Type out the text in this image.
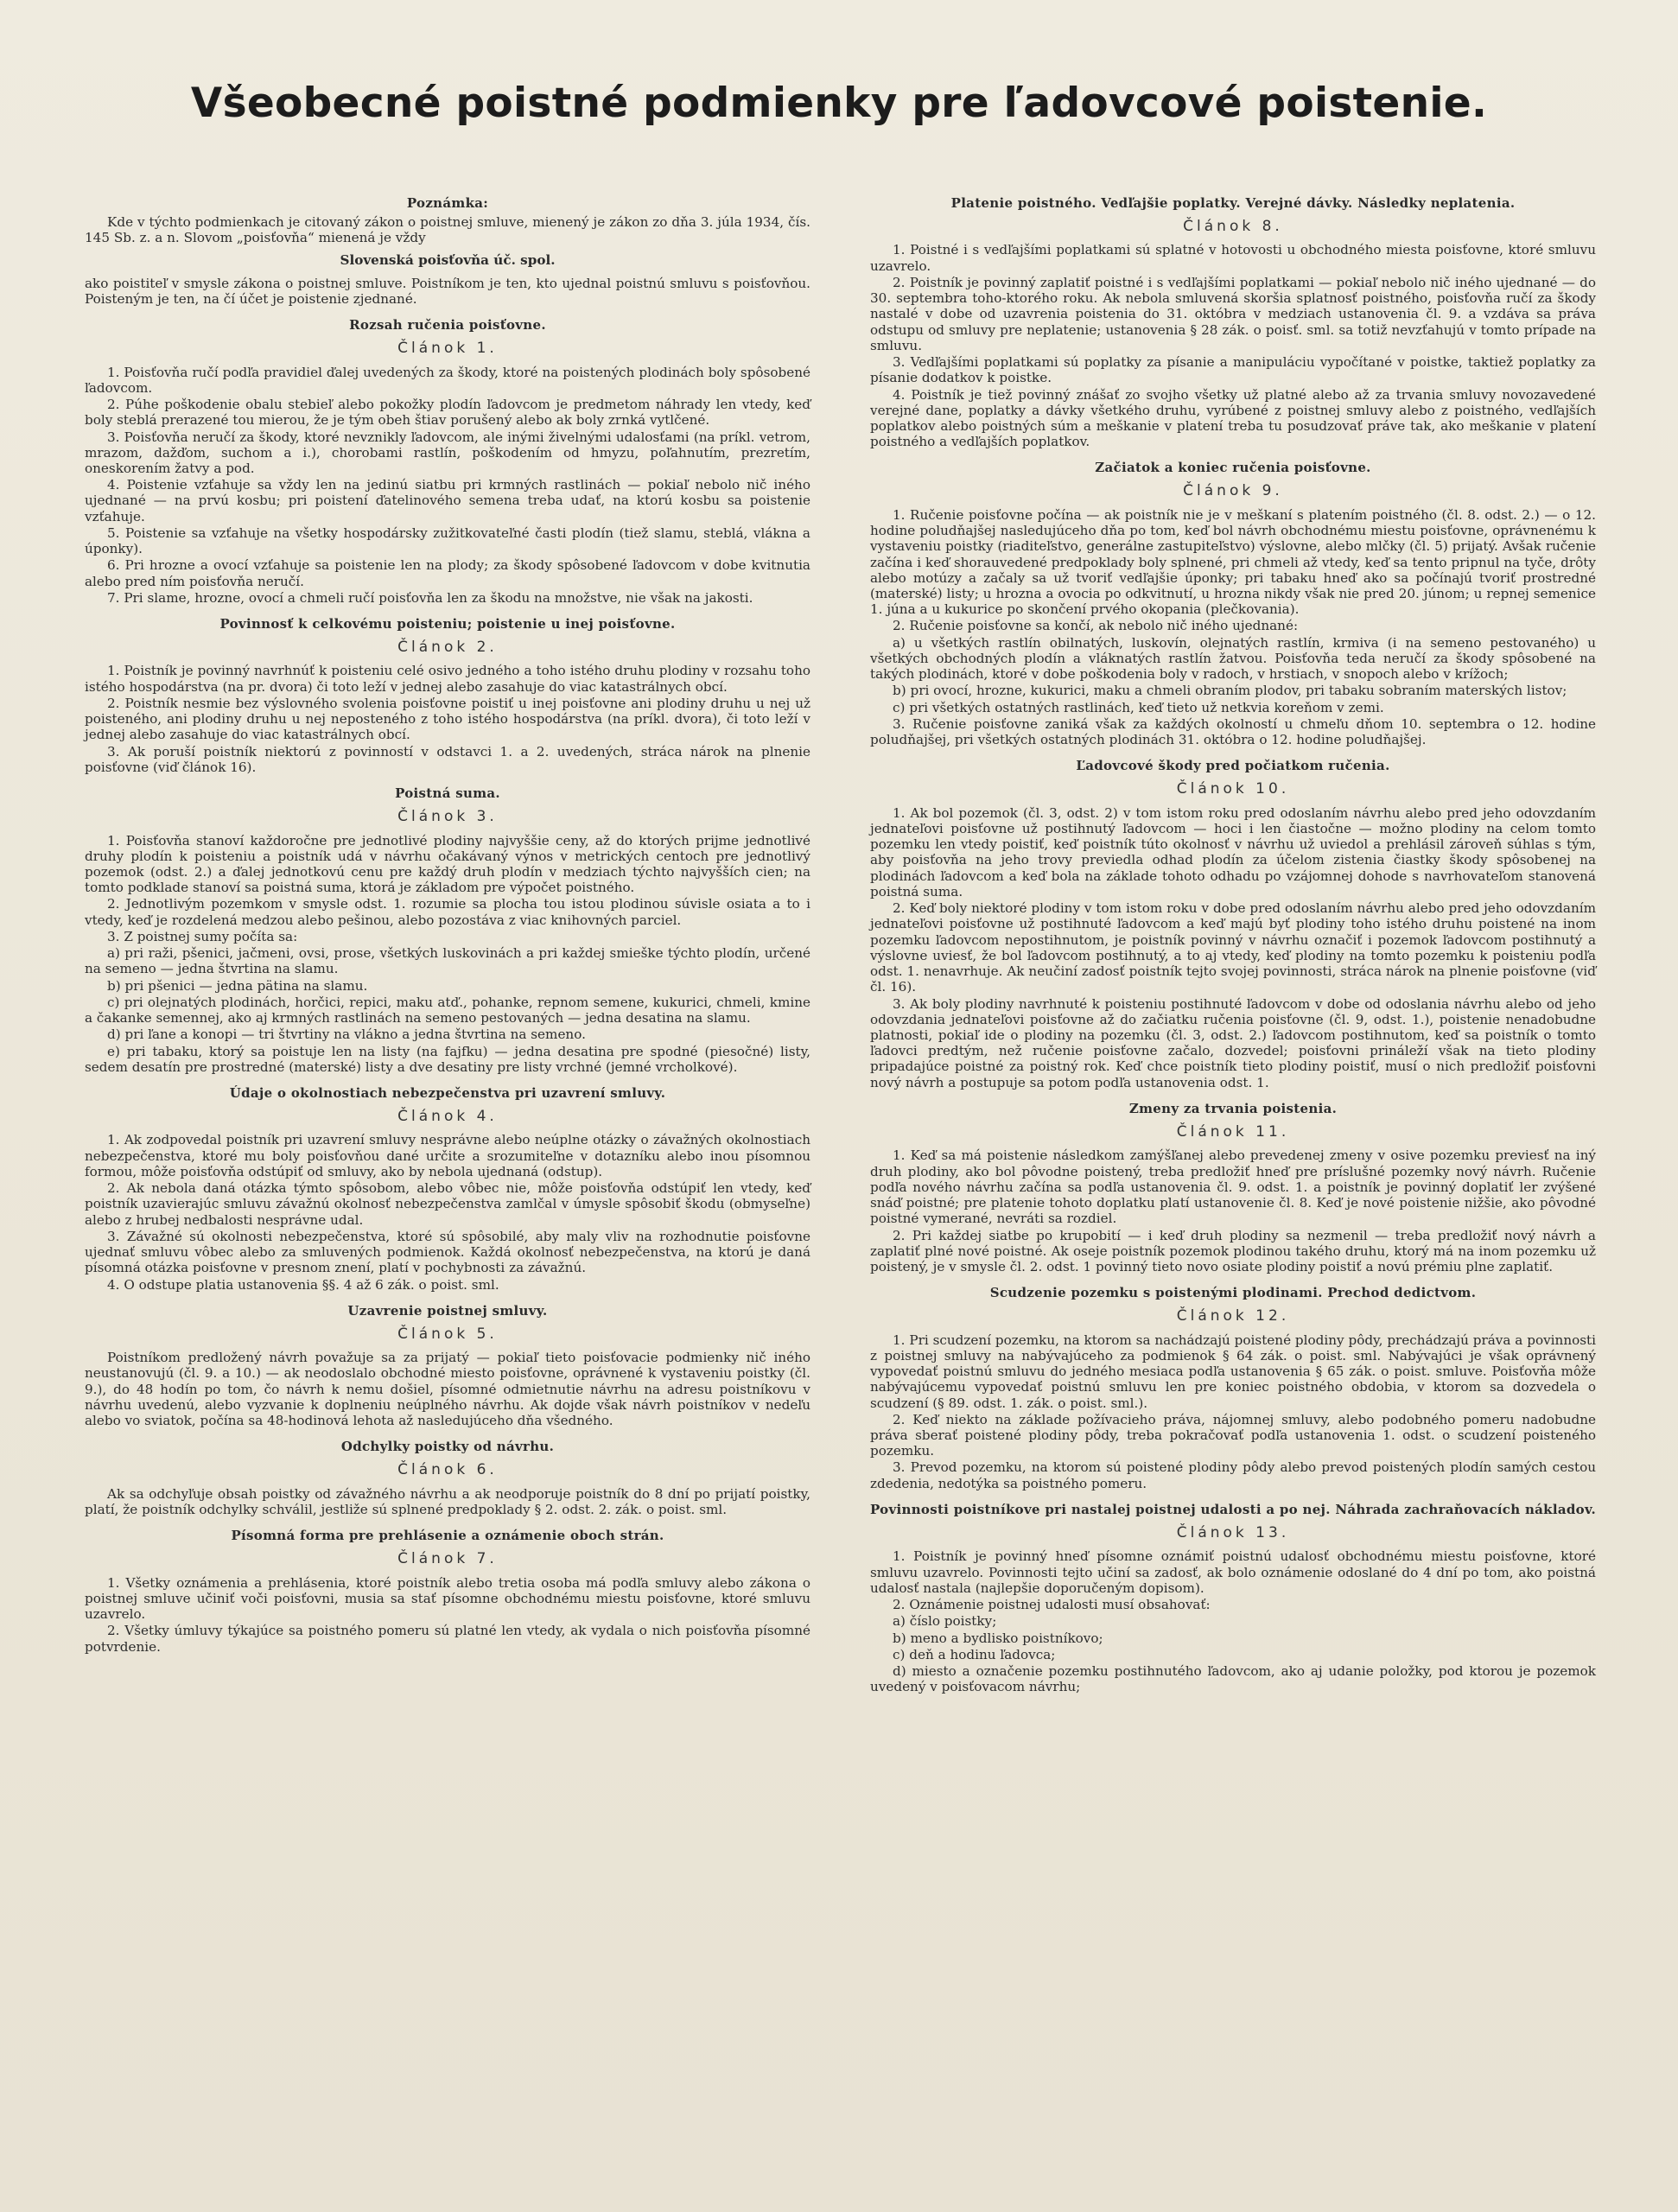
Všeobecné poistné podmienky pre ľadovcové poistenie.
Poznámka:

Kde v týchto podmienkach je citovaný zákon o poistnej smluve, mienený je zákon zo dňa 3. júla 1934, čís. 145 Sb. z. a n. Slovom „poisťovňa“ mienená je vždy

Slovenská poisťovňa úč. spol.

ako poistiteľ v smysle zákona o poistnej smluve. Poistníkom je ten, kto ujednal poistnú smluvu s poisťovňou. Poisteným je ten, na čí účet je poistenie zjednané.

Rozsah ručenia poisťovne.
Článok 1.

1. Poisťovňa ručí podľa pravidiel ďalej uvedených za škody, ktoré na poistených plodinách boly spôsobené ľadovcom.

2. Púhe poškodenie obalu stebieľ alebo pokožky plodín ľadovcom je predmetom náhrady len vtedy, keď boly steblá prerazené tou mierou, že je tým obeh štiav porušený alebo ak boly zrnká vytlčené.

3. Poisťovňa neručí za škody, ktoré nevznikly ľadovcom, ale inými živelnými udalosťami (na príkl. vetrom, mrazom, dažďom, suchom a i.), chorobami rastlín, poškodením od hmyzu, poľahnutím, prezretím, oneskorením žatvy a pod.

4. Poistenie vzťahuje sa vždy len na jedinú siatbu pri krmných rastlinách — pokiaľ nebolo nič iného ujednané — na prvú kosbu; pri poistení ďatelinového semena treba udať, na ktorú kosbu sa poistenie vzťahuje.

5. Poistenie sa vzťahuje na všetky hospodársky zužitkovateľné časti plodín (tiež slamu, steblá, vlákna a úponky).

6. Pri hrozne a ovocí vzťahuje sa poistenie len na plody; za škody spôsobené ľadovcom v dobe kvitnutia alebo pred ním poisťovňa neručí.

7. Pri slame, hrozne, ovocí a chmeli ručí poisťovňa len za škodu na množstve, nie však na jakosti.

Povinnosť k celkovému poisteniu; poistenie u inej poisťovne.
Článok 2.

1. Poistník je povinný navrhnúť k poisteniu celé osivo jedného a toho istého druhu plodiny v rozsahu toho istého hospodárstva (na pr. dvora) či toto leží v jednej alebo zasahuje do viac katastrálnych obcí.

2. Poistník nesmie bez výslovného svolenia poisťovne poistiť u inej poisťovne ani plodiny druhu u nej už poisteného, ani plodiny druhu u nej neposteného z toho istého hospodárstva (na príkl. dvora), či toto leží v jednej alebo zasahuje do viac katastrálnych obcí.

3. Ak poruší poistník niektorú z povinností v odstavci 1. a 2. uvedených, stráca nárok na plnenie poisťovne (viď článok 16).

Poistná suma.
Článok 3.

1. Poisťovňa stanoví každoročne pre jednotlivé plodiny najvyššie ceny, až do ktorých prijme jednotlivé druhy plodín k poisteniu a poistník udá v návrhu očakávaný výnos v metrických centoch pre jednotlivý pozemok (odst. 2.) a ďalej jednotkovú cenu pre každý druh plodín v medziach týchto najvyšších cien; na tomto podklade stanoví sa poistná suma, ktorá je základom pre výpočet poistného.

2. Jednotlivým pozemkom v smysle odst. 1. rozumie sa plocha tou istou plodinou súvisle osiata a to i vtedy, keď je rozdelená medzou alebo pešinou, alebo pozostáva z viac knihovných parciel.

3. Z poistnej sumy počíta sa:

a) pri raži, pšenici, jačmeni, ovsi, prose, všetkých luskovinách a pri každej smieške týchto plodín, určené na semeno — jedna štvrtina na slamu.

b) pri pšenici — jedna pätina na slamu.

c) pri olejnatých plodinách, horčici, repici, maku atď., pohanke, repnom semene, kukurici, chmeli, kmine a čakanke semennej, ako aj krmných rastlinách na semeno pestovaných — jedna desatina na slamu.

d) pri ľane a konopi — tri štvrtiny na vlákno a jedna štvrtina na semeno.

e) pri tabaku, ktorý sa poistuje len na listy (na fajfku) — jedna desatina pre spodné (piesočné) listy, sedem desatín pre prostredné (materské) listy a dve desatiny pre listy vrchné (jemné vrcholkové).

Údaje o okolnostiach nebezpečenstva pri uzavrení smluvy.
Článok 4.

1. Ak zodpovedal poistník pri uzavrení smluvy nesprávne alebo neúplne otázky o závažných okolnostiach nebezpečenstva, ktoré mu boly poisťovňou dané určite a srozumiteľne v dotazníku alebo inou písomnou formou, môže poisťovňa odstúpiť od smluvy, ako by nebola ujednaná (odstup).

2. Ak nebola daná otázka týmto spôsobom, alebo vôbec nie, môže poisťovňa odstúpiť len vtedy, keď poistník uzavierajúc smluvu závažnú okolnosť nebezpečenstva zamlčal v úmysle spôsobiť škodu (obmyseľne) alebo z hrubej nedbalosti nesprávne udal.

3. Závažné sú okolnosti nebezpečenstva, ktoré sú spôsobilé, aby maly vliv na rozhodnutie poisťovne ujednať smluvu vôbec alebo za smluvených podmienok. Každá okolnosť nebezpečenstva, na ktorú je daná písomná otázka poisťovne v presnom znení, platí v pochybnosti za závažnú.

4. O odstupe platia ustanovenia §§. 4 až 6 zák. o poist. sml.

Uzavrenie poistnej smluvy.
Článok 5.

Poistníkom predložený návrh považuje sa za prijatý — pokiaľ tieto poisťovacie podmienky nič iného neustanovujú (čl. 9. a 10.) — ak neodoslalo obchodné miesto poisťovne, oprávnené k vystaveniu poistky (čl. 9.), do 48 hodín po tom, čo návrh k nemu došiel, písomné odmietnutie návrhu na adresu poistníkovu v návrhu uvedenú, alebo vyzvanie k doplneniu neúplného návrhu. Ak dojde však návrh poistníkov v nedeľu alebo vo sviatok, počína sa 48-hodinová lehota až nasledujúceho dňa všedného.

Odchylky poistky od návrhu.
Článok 6.

Ak sa odchyľuje obsah poistky od závažného návrhu a ak neodporuje poistník do 8 dní po prijatí poistky, platí, že poistník odchylky schválil, jestliže sú splnené predpoklady § 2. odst. 2. zák. o poist. sml.

Písomná forma pre prehlásenie a oznámenie oboch strán.
Článok 7.

1. Všetky oznámenia a prehlásenia, ktoré poistník alebo tretia osoba má podľa smluvy alebo zákona o poistnej smluve učiniť voči poisťovni, musia sa stať písomne obchodnému miestu poisťovne, ktoré smluvu uzavrelo.

2. Všetky úmluvy týkajúce sa poistného pomeru sú platné len vtedy, ak vydala o nich poisťovňa písomné potvrdenie.

Platenie poistného. Vedľajšie poplatky. Verejné dávky. Následky neplatenia.
Článok 8.

1. Poistné i s vedľajšími poplatkami sú splatné v hotovosti u obchodného miesta poisťovne, ktoré smluvu uzavrelo.

2. Poistník je povinný zaplatiť poistné i s vedľajšími poplatkami — pokiaľ nebolo nič iného ujednané — do 30. septembra toho-ktorého roku. Ak nebola smluvená skoršia splatnosť poistného, poisťovňa ručí za škody nastalé v dobe od uzavrenia poistenia do 31. októbra v medziach ustanovenia čl. 9. a vzdáva sa práva odstupu od smluvy pre neplatenie; ustanovenia § 28 zák. o poisť. sml. sa totiž nevzťahujú v tomto prípade na smluvu.

3. Vedľajšími poplatkami sú poplatky za písanie a manipuláciu vypočítané v poistke, taktiež poplatky za písanie dodatkov k poistke.

4. Poistník je tiež povinný znášať zo svojho všetky už platné alebo až za trvania smluvy novozavedené verejné dane, poplatky a dávky všetkého druhu, vyrúbené z poistnej smluvy alebo z poistného, vedľajších poplatkov alebo poistných súm a meškanie v platení treba tu posudzovať práve tak, ako meškanie v platení poistného a vedľajších poplatkov.

Začiatok a koniec ručenia poisťovne.
Článok 9.

1. Ručenie poisťovne počína — ak poistník nie je v meškaní s platením poistného (čl. 8. odst. 2.) — o 12. hodine poludňajšej nasledujúceho dňa po tom, keď bol návrh obchodnému miestu poisťovne, oprávnenému k vystaveniu poistky (riaditeľstvo, generálne zastupiteľstvo) výslovne, alebo mlčky (čl. 5) prijatý. Avšak ručenie začína i keď shorauvedené predpoklady boly splnené, pri chmeli až vtedy, keď sa tento pripnul na tyče, drôty alebo motúzy a začaly sa už tvoriť vedľajšie úponky; pri tabaku hneď ako sa počínajú tvoriť prostredné (materské) listy; u hrozna a ovocia po odkvitnutí, u hrozna nikdy však nie pred 20. júnom; u repnej semenice 1. júna a u kukurice po skončení prvého okopania (plečkovania).

2. Ručenie poisťovne sa končí, ak nebolo nič iného ujednané:

a) u všetkých rastlín obilnatých, luskovín, olejnatých rastlín, krmiva (i na semeno pestovaného) u všetkých obchodných plodín a vláknatých rastlín žatvou. Poisťovňa teda neručí za škody spôsobené na takých plodinách, ktoré v dobe poškodenia boly v radoch, v hrstiach, v snopoch alebo v krížoch;

b) pri ovocí, hrozne, kukurici, maku a chmeli obraním plodov, pri tabaku sobraním materských listov;

c) pri všetkých ostatných rastlinách, keď tieto už netkvia koreňom v zemi.

3. Ručenie poisťovne zaniká však za každých okolností u chmeľu dňom 10. septembra o 12. hodine poludňajšej, pri všetkých ostatných plodinách 31. októbra o 12. hodine poludňajšej.

Ľadovcové škody pred počiatkom ručenia.
Článok 10.

1. Ak bol pozemok (čl. 3, odst. 2) v tom istom roku pred odoslaním návrhu alebo pred jeho odovzdaním jednateľovi poisťovne už postihnutý ľadovcom — hoci i len čiastočne — možno plodiny na celom tomto pozemku len vtedy poistiť, keď poistník túto okolnosť v návrhu už uviedol a prehlásil zároveň súhlas s tým, aby poisťovňa na jeho trovy previedla odhad plodín za účelom zistenia čiastky škody spôsobenej na plodinách ľadovcom a keď bola na základe tohoto odhadu po vzájomnej dohode s navrhovateľom stanovená poistná suma.

2. Keď boly niektoré plodiny v tom istom roku v dobe pred odoslaním návrhu alebo pred jeho odovzdaním jednateľovi poisťovne už postihnuté ľadovcom a keď majú byť plodiny toho istého druhu poistené na inom pozemku ľadovcom nepostihnutom, je poistník povinný v návrhu označiť i pozemok ľadovcom postihnutý a výslovne uviesť, že bol ľadovcom postihnutý, a to aj vtedy, keď plodiny na tomto pozemku k poisteniu podľa odst. 1. nenavrhuje. Ak neučiní zadosť poistník tejto svojej povinnosti, stráca nárok na plnenie poisťovne (viď čl. 16).

3. Ak boly plodiny navrhnuté k poisteniu postihnuté ľadovcom v dobe od odoslania návrhu alebo od jeho odovzdania jednateľovi poisťovne až do začiatku ručenia poisťovne (čl. 9, odst. 1.), poistenie nenadobudne platnosti, pokiaľ ide o plodiny na pozemku (čl. 3, odst. 2.) ľadovcom postihnutom, keď sa poistník o tomto ľadovci predtým, než ručenie poisťovne začalo, dozvedel; poisťovni prináleží však na tieto plodiny pripadajúce poistné za poistný rok. Keď chce poistník tieto plodiny poistiť, musí o nich predložiť poisťovni nový návrh a postupuje sa potom podľa ustanovenia odst. 1.

Zmeny za trvania poistenia.
Článok 11.

1. Keď sa má poistenie následkom zamýšľanej alebo prevedenej zmeny v osive pozemku previesť na iný druh plodiny, ako bol pôvodne poistený, treba predložiť hneď pre príslušné pozemky nový návrh. Ručenie podľa nového návrhu začína sa podľa ustanovenia čl. 9. odst. 1. a poistník je povinný doplatiť ler zvýšené snáď poistné; pre platenie tohoto doplatku platí ustanovenie čl. 8. Keď je nové poistenie nižšie, ako pôvodné poistné vymerané, nevráti sa rozdiel.

2. Pri každej siatbe po krupobití — i keď druh plodiny sa nezmenil — treba predložiť nový návrh a zaplatiť plné nové poistné. Ak oseje poistník pozemok plodinou takého druhu, ktorý má na inom pozemku už poistený, je v smysle čl. 2. odst. 1 povinný tieto novo osiate plodiny poistiť a novú prémiu plne zaplatiť.

Scudzenie pozemku s poistenými plodinami. Prechod dedictvom.
Článok 12.

1. Pri scudzení pozemku, na ktorom sa nachádzajú poistené plodiny pôdy, prechádzajú práva a povinnosti z poistnej smluvy na nabývajúceho za podmienok § 64 zák. o poist. sml. Nabývajúci je však oprávnený vypovedať poistnú smluvu do jedného mesiaca podľa ustanovenia § 65 zák. o poist. smluve. Poisťovňa môže nabývajúcemu vypovedať poistnú smluvu len pre koniec poistného obdobia, v ktorom sa dozvedela o scudzení (§ 89. odst. 1. zák. o poist. sml.).

2. Keď niekto na základe požívacieho práva, nájomnej smluvy, alebo podobného pomeru nadobudne práva sberať poistené plodiny pôdy, treba pokračovať podľa ustanovenia 1. odst. o scudzení poisteného pozemku.

3. Prevod pozemku, na ktorom sú poistené plodiny pôdy alebo prevod poistených plodín samých cestou zdedenia, nedotýka sa poistného pomeru.

Povinnosti poistníkove pri nastalej poistnej udalosti a po nej. Náhrada zachraňovacích nákladov.
Článok 13.

1. Poistník je povinný hneď písomne oznámiť poistnú udalosť obchodnému miestu poisťovne, ktoré smluvu uzavrelo. Povinnosti tejto učiní sa zadosť, ak bolo oznámenie odoslané do 4 dní po tom, ako poistná udalosť nastala (najlepšie doporučeným dopisom).

2. Oznámenie poistnej udalosti musí obsahovať:

a) číslo poistky;

b) meno a bydlisko poistníkovo;

c) deň a hodinu ľadovca;

d) miesto a označenie pozemku postihnutého ľadovcom, ako aj udanie položky, pod ktorou je pozemok uvedený v poisťovacom návrhu;
